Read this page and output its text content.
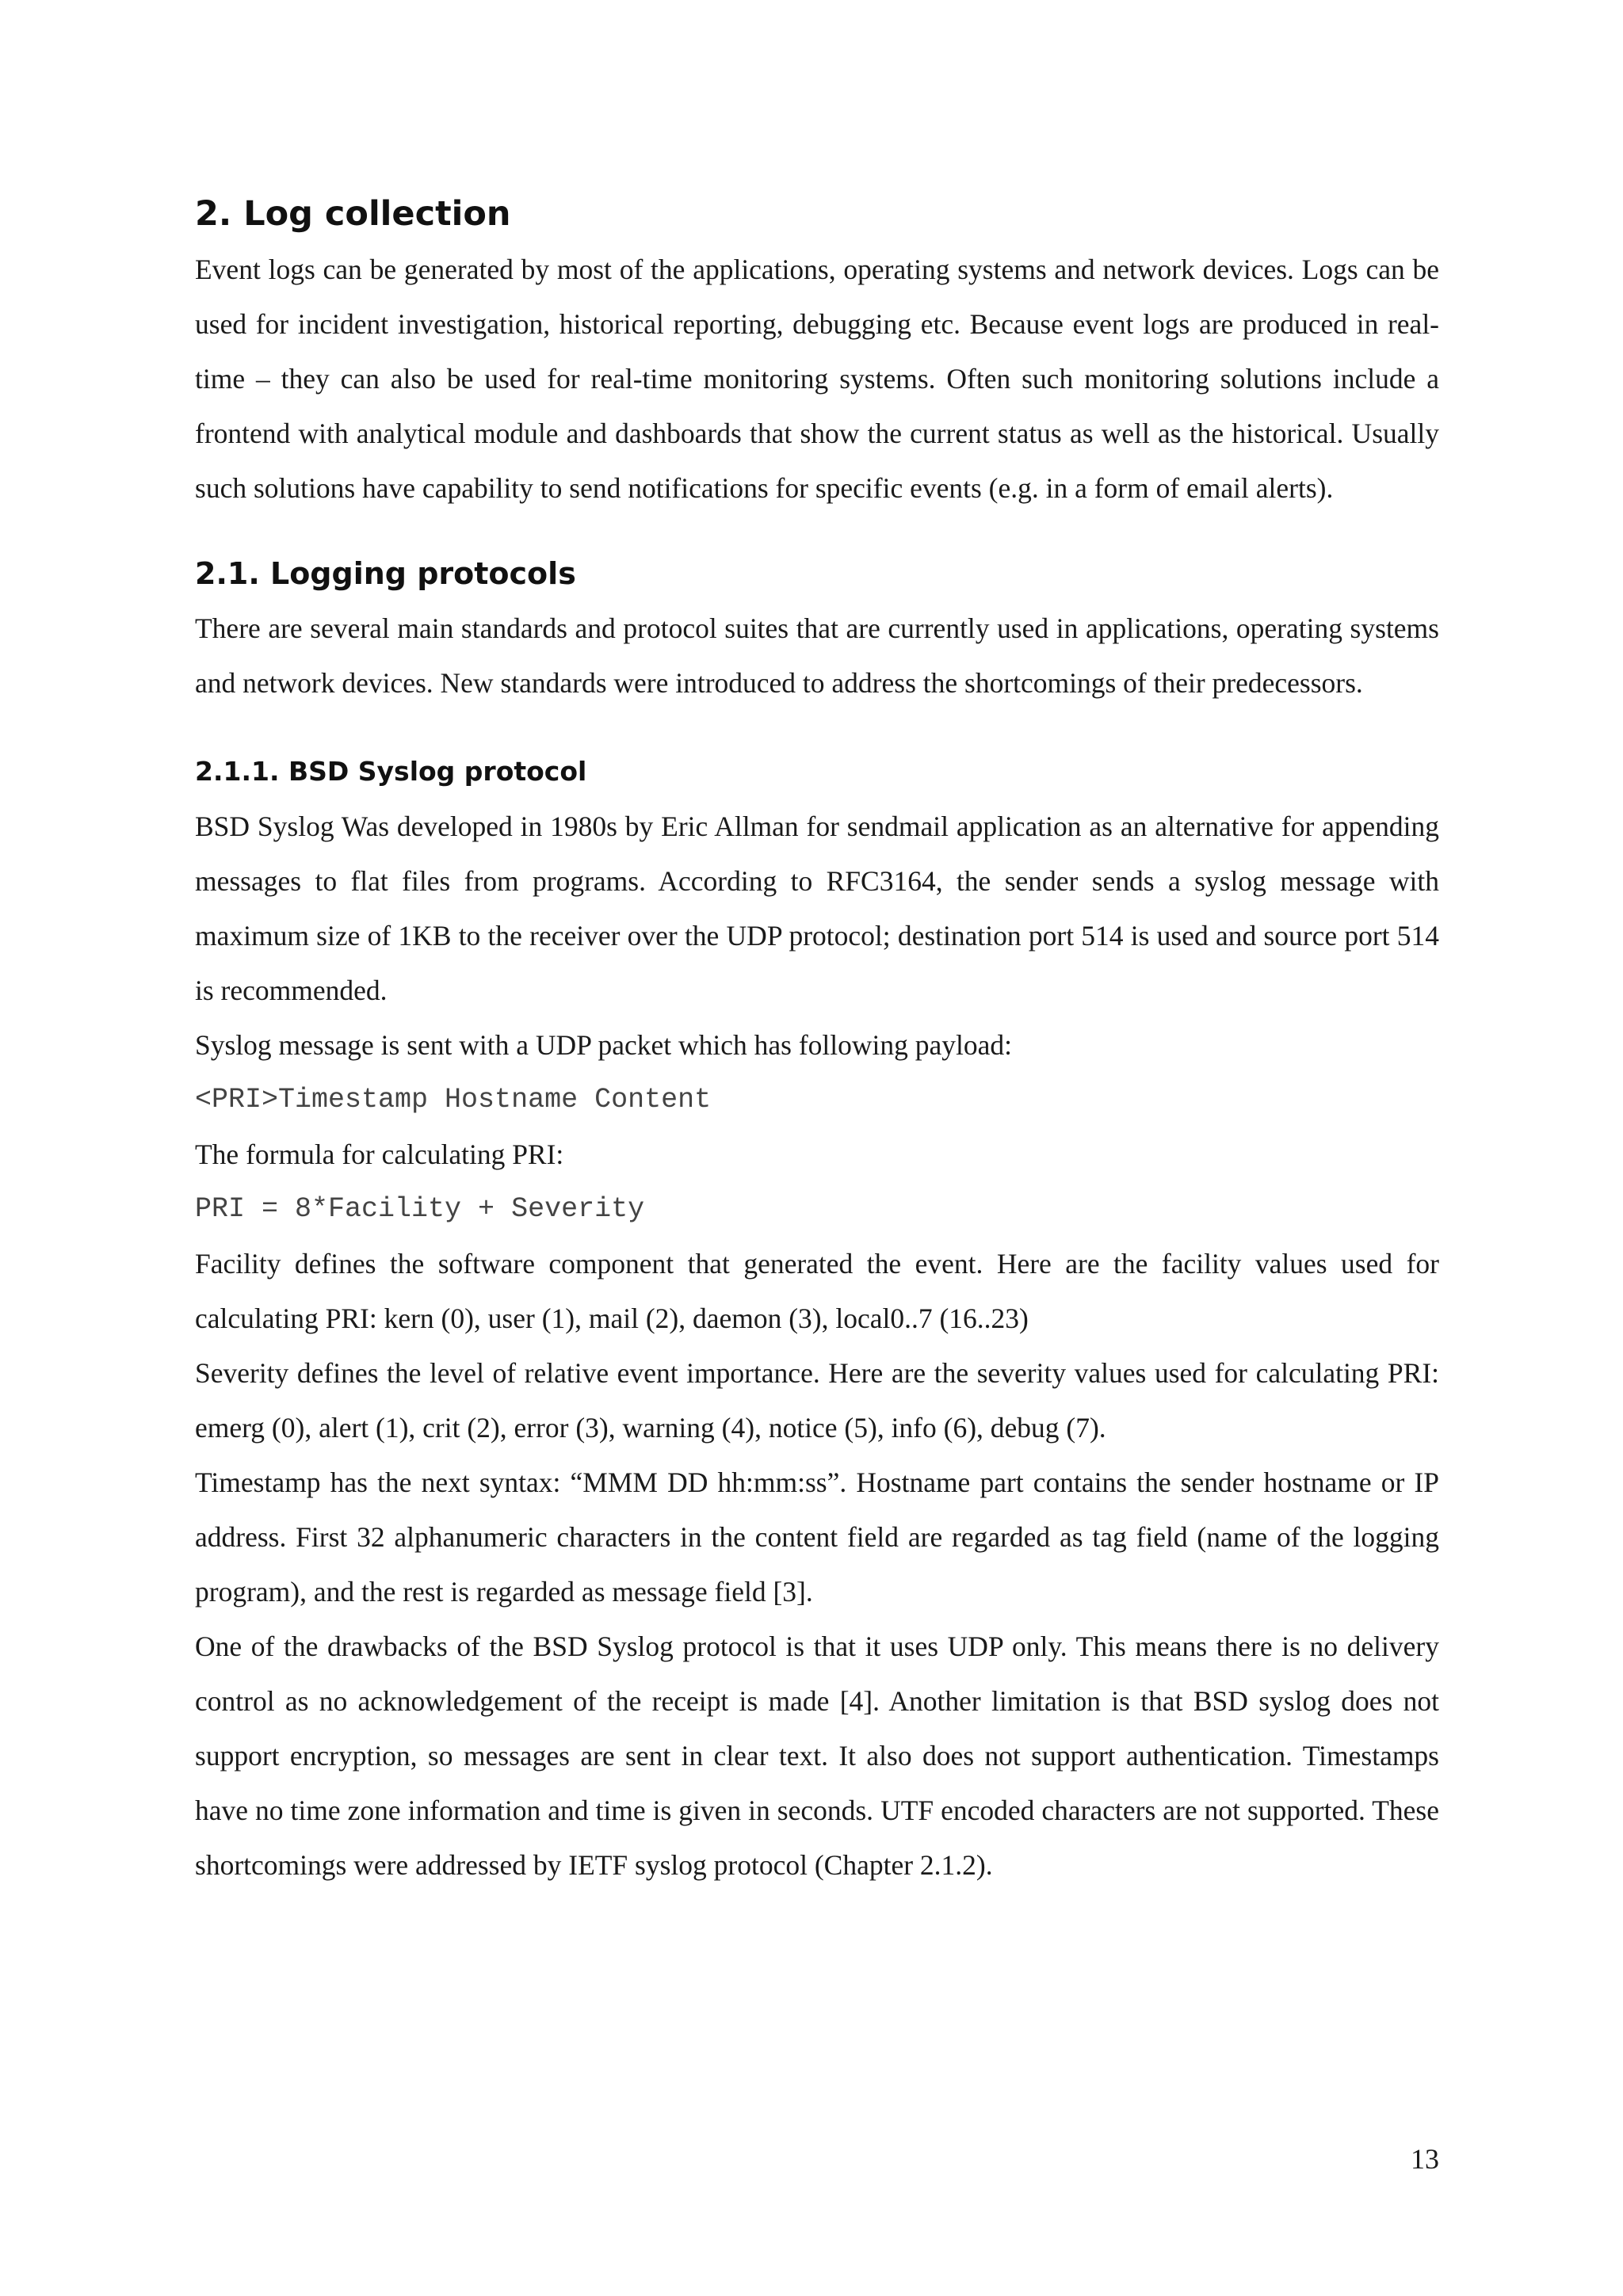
2. Log collection

Event logs can be generated by most of the applications, operating systems and network devices. Logs can be used for incident investigation, historical reporting, debugging etc. Because event logs are produced in real-time – they can also be used for real-time monitoring systems. Often such monitoring solutions include a frontend with analytical module and dashboards that show the current status as well as the historical. Usually such solutions have capability to send notifications for specific events (e.g. in a form of email alerts).

2.1. Logging protocols

There are several main standards and protocol suites that are currently used in applications, operating systems and network devices. New standards were introduced to address the shortcomings of their predecessors.

2.1.1. BSD Syslog protocol

BSD Syslog Was developed in 1980s by Eric Allman for sendmail application as an alternative for appending messages to flat files from programs. According to RFC3164, the sender sends a syslog message with maximum size of 1KB to the receiver over the UDP protocol; destination port 514 is used and source port 514 is recommended.

Syslog message is sent with a UDP packet which has following payload:

<PRI>Timestamp Hostname Content

The formula for calculating PRI:

PRI = 8*Facility + Severity

Facility defines the software component that generated the event. Here are the facility values used for calculating PRI: kern (0), user (1), mail (2), daemon (3), local0..7 (16..23)

Severity defines the level of relative event importance. Here are the severity values used for calculating PRI: emerg (0), alert (1), crit (2), error (3), warning (4), notice (5), info (6), debug (7).

Timestamp has the next syntax: “MMM DD hh:mm:ss”. Hostname part contains the sender hostname or IP address. First 32 alphanumeric characters in the content field are regarded as tag field (name of the logging program), and the rest is regarded as message field [3].

One of the drawbacks of the BSD Syslog protocol is that it uses UDP only. This means there is no delivery control as no acknowledgement of the receipt is made [4]. Another limitation is that BSD syslog does not support encryption, so messages are sent in clear text. It also does not support authentication. Timestamps have no time zone information and time is given in seconds. UTF encoded characters are not supported. These shortcomings were addressed by IETF syslog protocol (Chapter 2.1.2).

13
